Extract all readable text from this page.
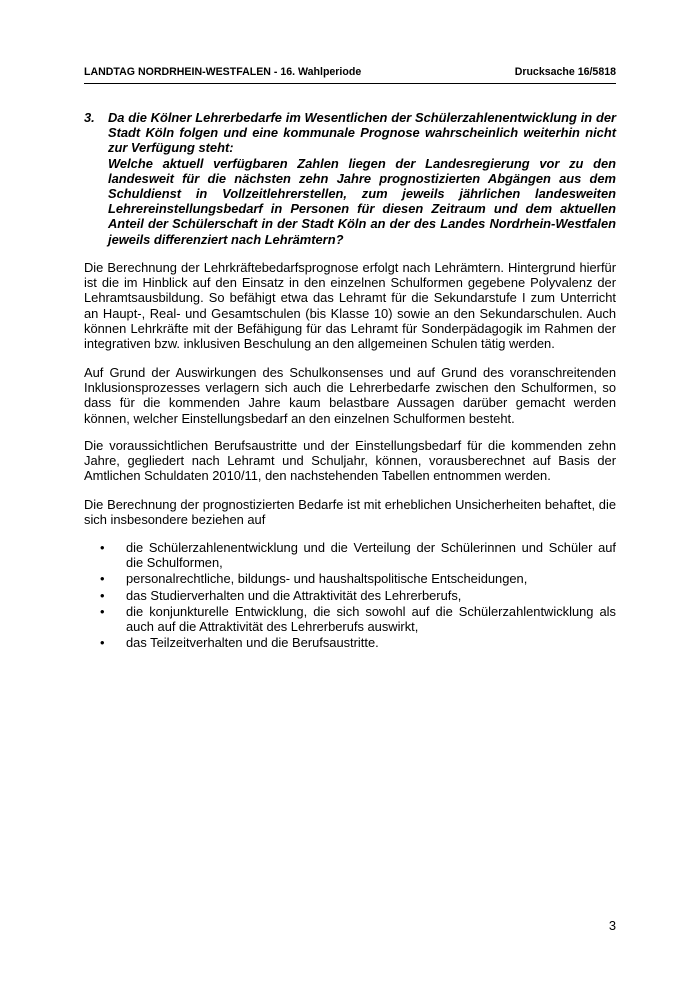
LANDTAG NORDRHEIN-WESTFALEN - 16. Wahlperiode	Drucksache 16/5818
3.	Da die Kölner Lehrerbedarfe im Wesentlichen der Schülerzahlenentwicklung in der Stadt Köln folgen und eine kommunale Prognose wahrscheinlich weiterhin nicht zur Verfügung steht:

Welche aktuell verfügbaren Zahlen liegen der Landesregierung vor zu den landesweit für die nächsten zehn Jahre prognostizierten Abgängen aus dem Schuldienst in Vollzeitlehrerstellen, zum jeweils jährlichen landesweiten Lehrereinstellungsbedarf in Personen für diesen Zeitraum und dem aktuellen Anteil der Schülerschaft in der Stadt Köln an der des Landes Nordrhein-Westfalen jeweils differenziert nach Lehrämtern?

Die Berechnung der Lehrkräftebedarfsprognose erfolgt nach Lehrämtern. Hintergrund hierfür ist die im Hinblick auf den Einsatz in den einzelnen Schulformen gegebene Polyvalenz der Lehramtsausbildung. So befähigt etwa das Lehramt für die Sekundarstufe I zum Unterricht an Haupt-, Real- und Gesamtschulen (bis Klasse 10) sowie an den Sekundarschulen. Auch können Lehrkräfte mit der Befähigung für das Lehramt für Sonderpädagogik im Rahmen der integrativen bzw. inklusiven Beschulung an den allgemeinen Schulen tätig werden.

Auf Grund der Auswirkungen des Schulkonsenses und auf Grund des voranschreitenden Inklusionsprozesses verlagern sich auch die Lehrerbedarfe zwischen den Schulformen, so dass für die kommenden Jahre kaum belastbare Aussagen darüber gemacht werden können, welcher Einstellungsbedarf an den einzelnen Schulformen besteht.

Die voraussichtlichen Berufsaustritte und der Einstellungsbedarf für die kommenden zehn Jahre, gegliedert nach Lehramt und Schuljahr, können, vorausberechnet auf Basis der Amtlichen Schuldaten 2010/11, den nachstehenden Tabellen entnommen werden.

Die Berechnung der prognostizierten Bedarfe ist mit erheblichen Unsicherheiten behaftet, die sich insbesondere beziehen auf

•	die Schülerzahlenentwicklung und die Verteilung der Schülerinnen und Schüler auf die Schulformen,
•	personalrechtliche, bildungs- und haushaltspolitische Entscheidungen,
•	das Studierverhalten und die Attraktivität des Lehrerberufs,
•	die konjunkturelle Entwicklung, die sich sowohl auf die Schülerzahlentwicklung als auch auf die Attraktivität des Lehrerberufs auswirkt,
•	das Teilzeitverhalten und die Berufsaustritte.
3
